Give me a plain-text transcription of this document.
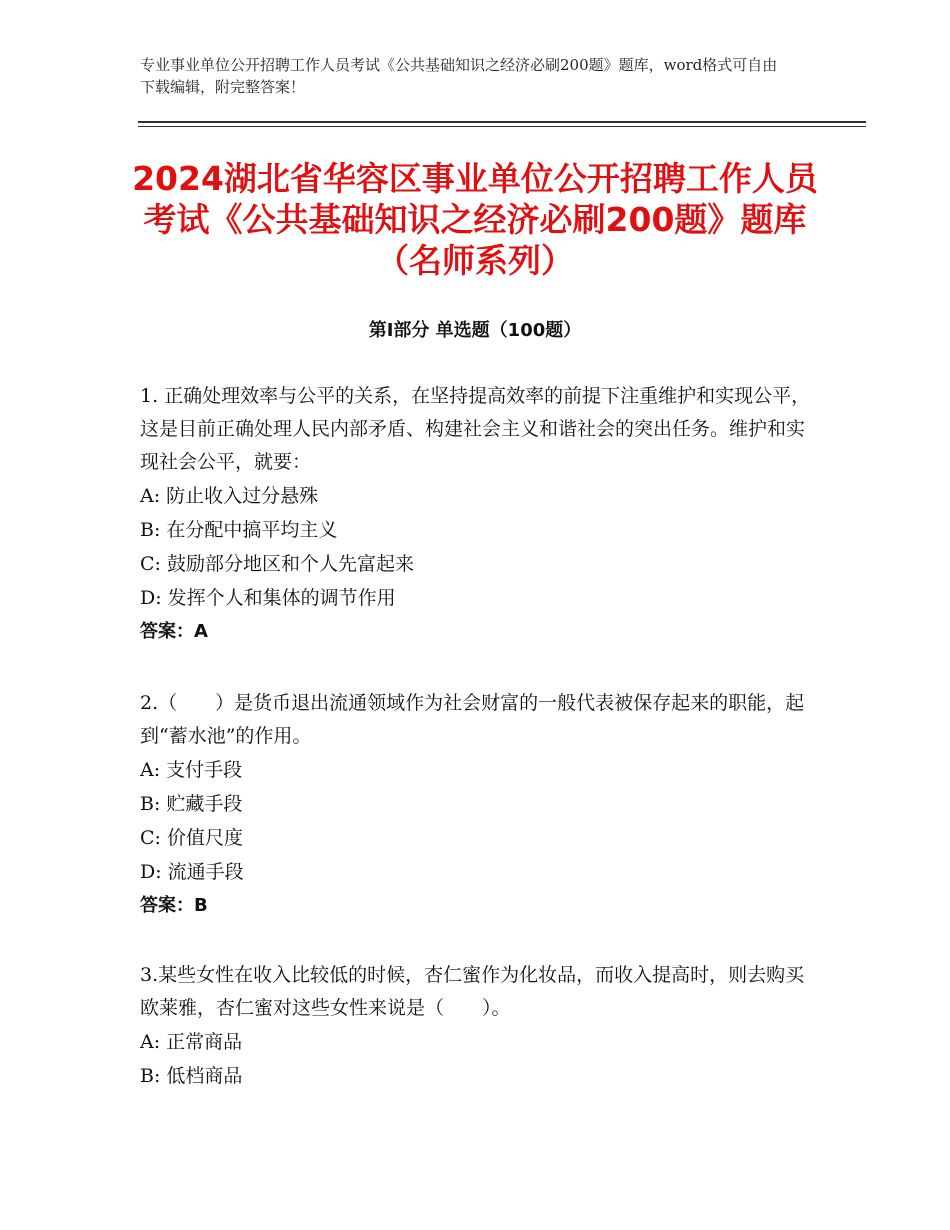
专业事业单位公开招聘工作人员考试《公共基础知识之经济必刷200题》题库，word格式可自由下载编辑，附完整答案！
2024湖北省华容区事业单位公开招聘工作人员考试《公共基础知识之经济必刷200题》题库（名师系列）
第Ⅰ部分 单选题（100题）

1. 正确处理效率与公平的关系，在坚持提高效率的前提下注重维护和实现公平，这是目前正确处理人民内部矛盾、构建社会主义和谐社会的突出任务。维护和实现社会公平，就要：

A: 防止收入过分悬殊

B: 在分配中搞平均主义

C: 鼓励部分地区和个人先富起来

D: 发挥个人和集体的调节作用

答案：A

2.（　　）是货币退出流通领域作为社会财富的一般代表被保存起来的职能，起到“蓄水池”的作用。

A: 支付手段

B: 贮藏手段

C: 价值尺度

D: 流通手段

答案：B

3.某些女性在收入比较低的时候，杏仁蜜作为化妆品，而收入提高时，则去购买欧莱雅，杏仁蜜对这些女性来说是（　　）。

A: 正常商品

B: 低档商品
